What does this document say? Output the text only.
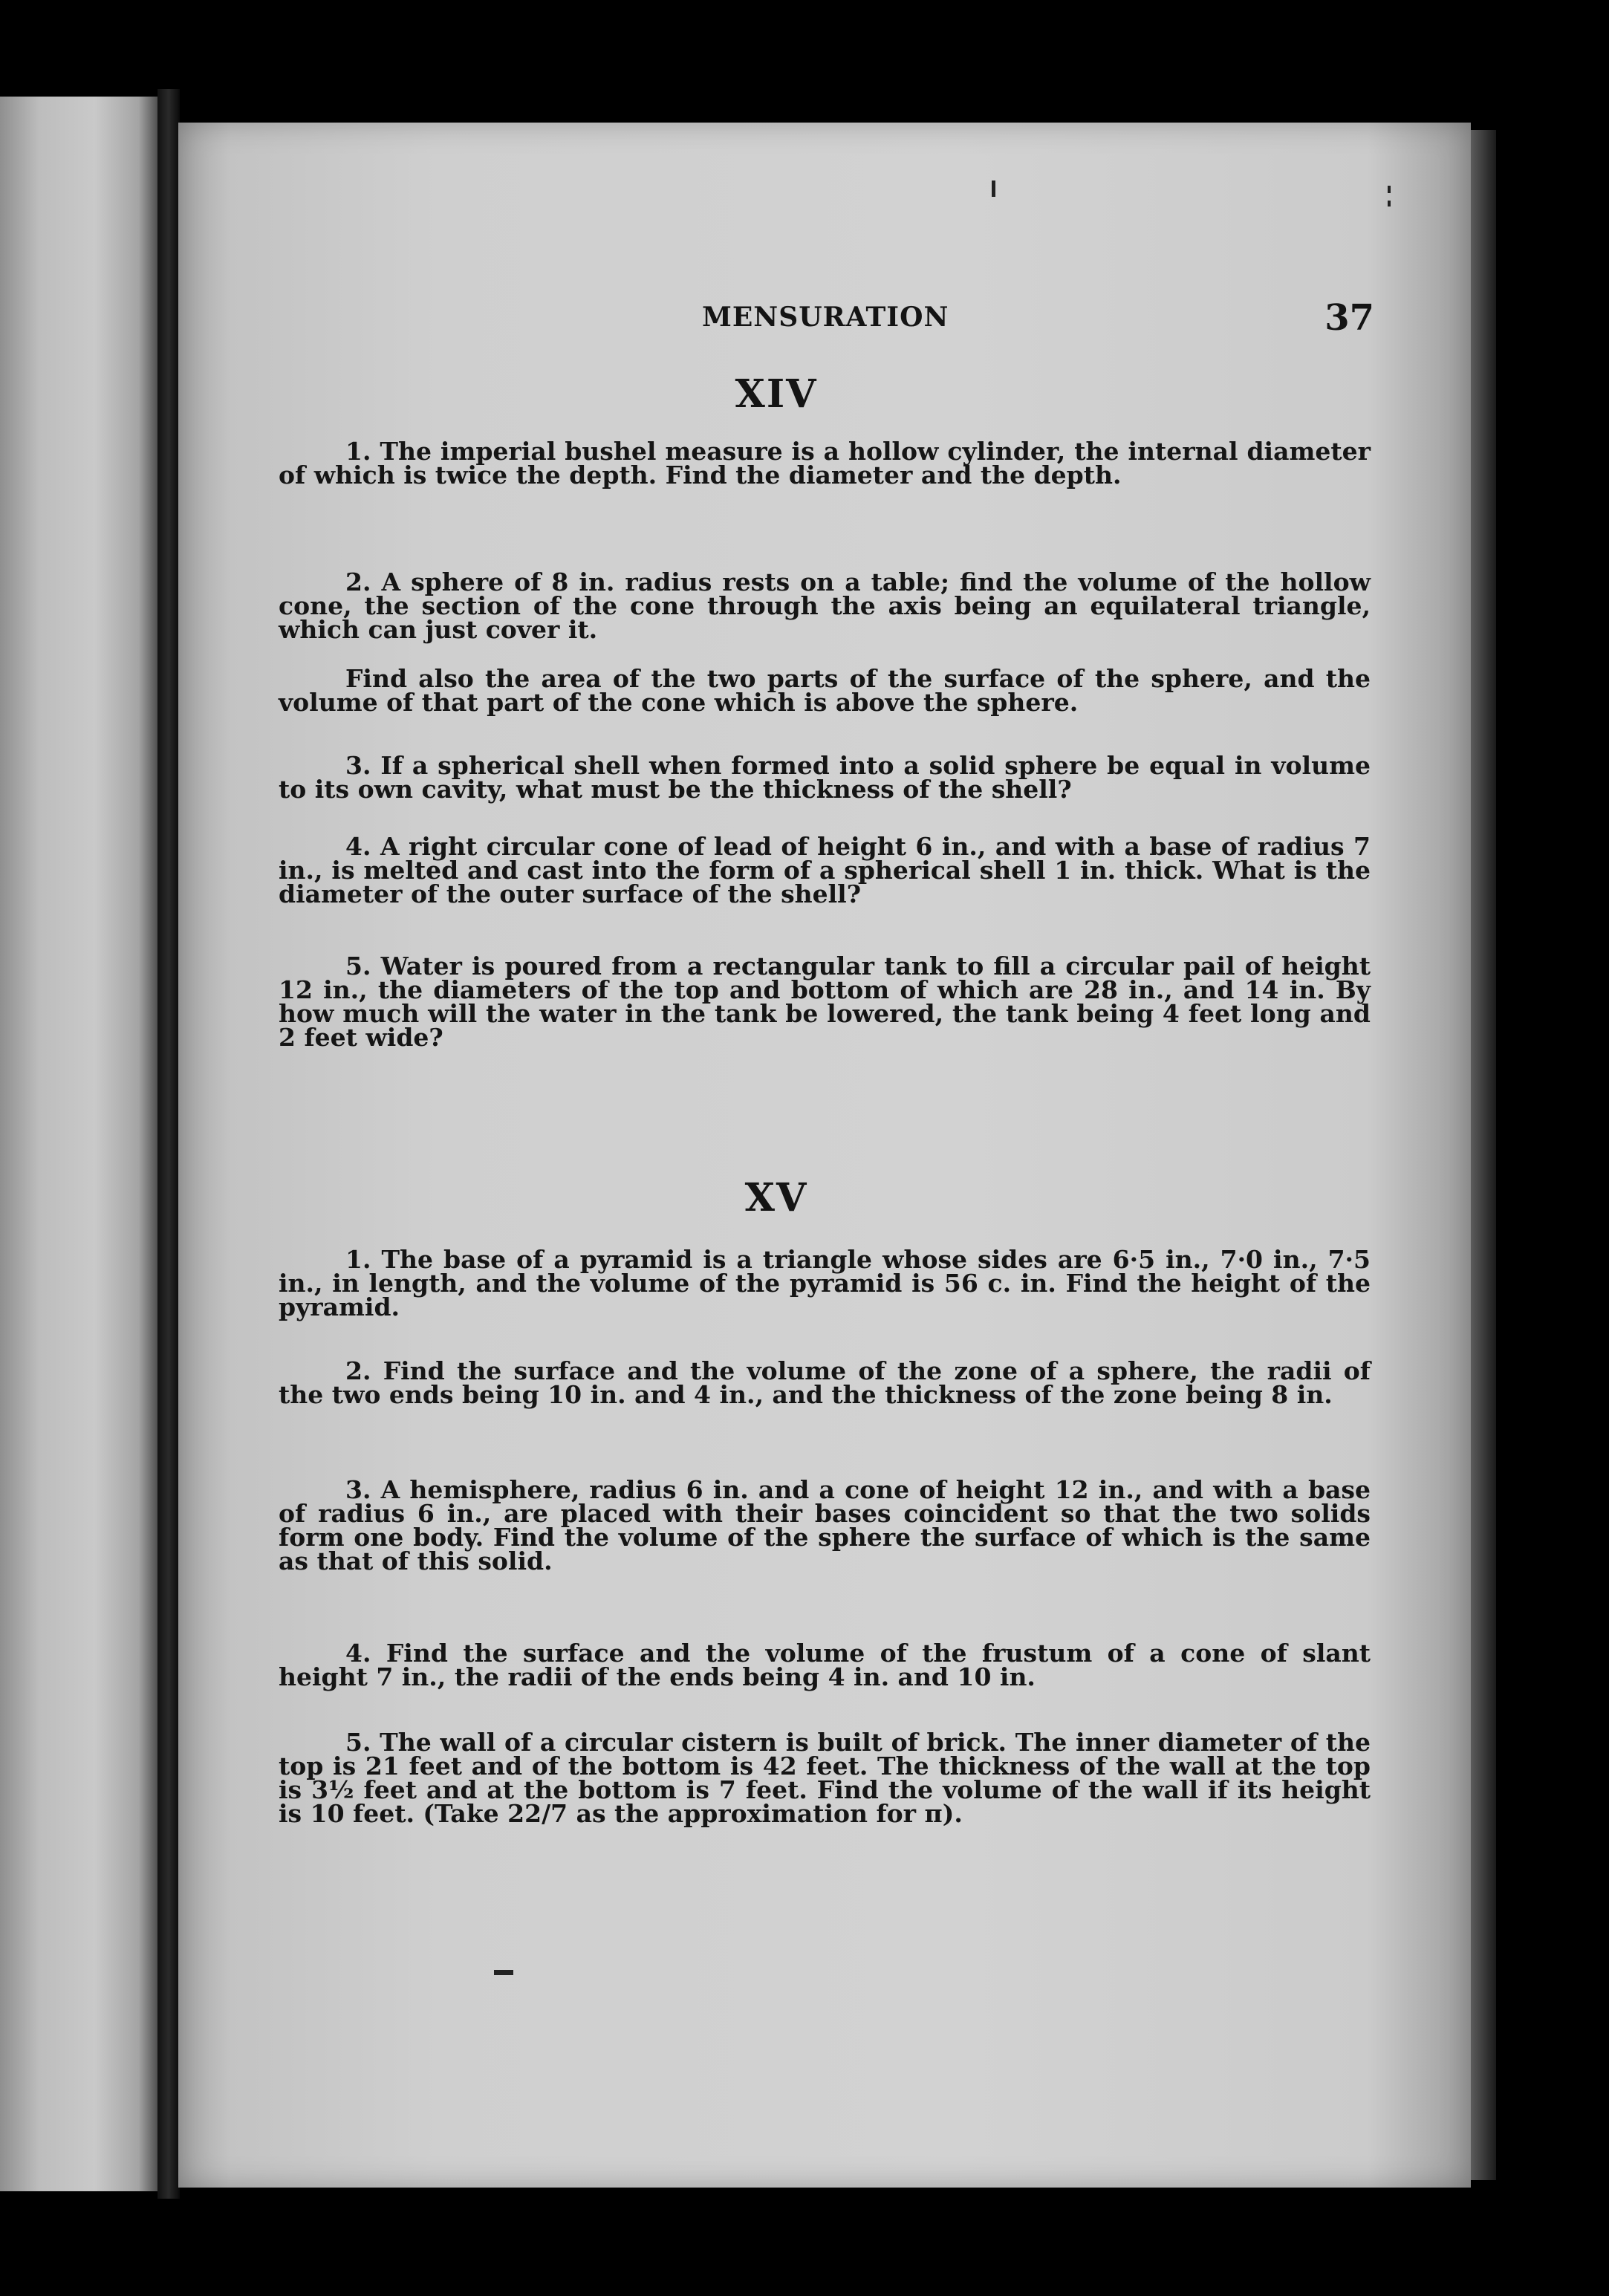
MENSURATION	37
XIV

1. The imperial bushel measure is a hollow cylinder, the internal diameter of which is twice the depth. Find the diameter and the depth.

2. A sphere of 8 in. radius rests on a table; find the volume of the hollow cone, the section of the cone through the axis being an equilateral triangle, which can just cover it.

Find also the area of the two parts of the surface of the sphere, and the volume of that part of the cone which is above the sphere.

3. If a spherical shell when formed into a solid sphere be equal in volume to its own cavity, what must be the thickness of the shell?

4. A right circular cone of lead of height 6 in., and with a base of radius 7 in., is melted and cast into the form of a spherical shell 1 in. thick. What is the diameter of the outer surface of the shell?

5. Water is poured from a rectangular tank to fill a circular pail of height 12 in., the diameters of the top and bottom of which are 28 in., and 14 in. By how much will the water in the tank be lowered, the tank being 4 feet long and 2 feet wide?

XV

1. The base of a pyramid is a triangle whose sides are 6·5 in., 7·0 in., 7·5 in., in length, and the volume of the pyramid is 56 c. in. Find the height of the pyramid.

2. Find the surface and the volume of the zone of a sphere, the radii of the two ends being 10 in. and 4 in., and the thickness of the zone being 8 in.

3. A hemisphere, radius 6 in. and a cone of height 12 in., and with a base of radius 6 in., are placed with their bases coincident so that the two solids form one body. Find the volume of the sphere the surface of which is the same as that of this solid.

4. Find the surface and the volume of the frustum of a cone of slant height 7 in., the radii of the ends being 4 in. and 10 in.

5. The wall of a circular cistern is built of brick. The inner diameter of the top is 21 feet and of the bottom is 42 feet. The thickness of the wall at the top is 3½ feet and at the bottom is 7 feet. Find the volume of the wall if its height is 10 feet. (Take 22/7 as the approximation for π).
